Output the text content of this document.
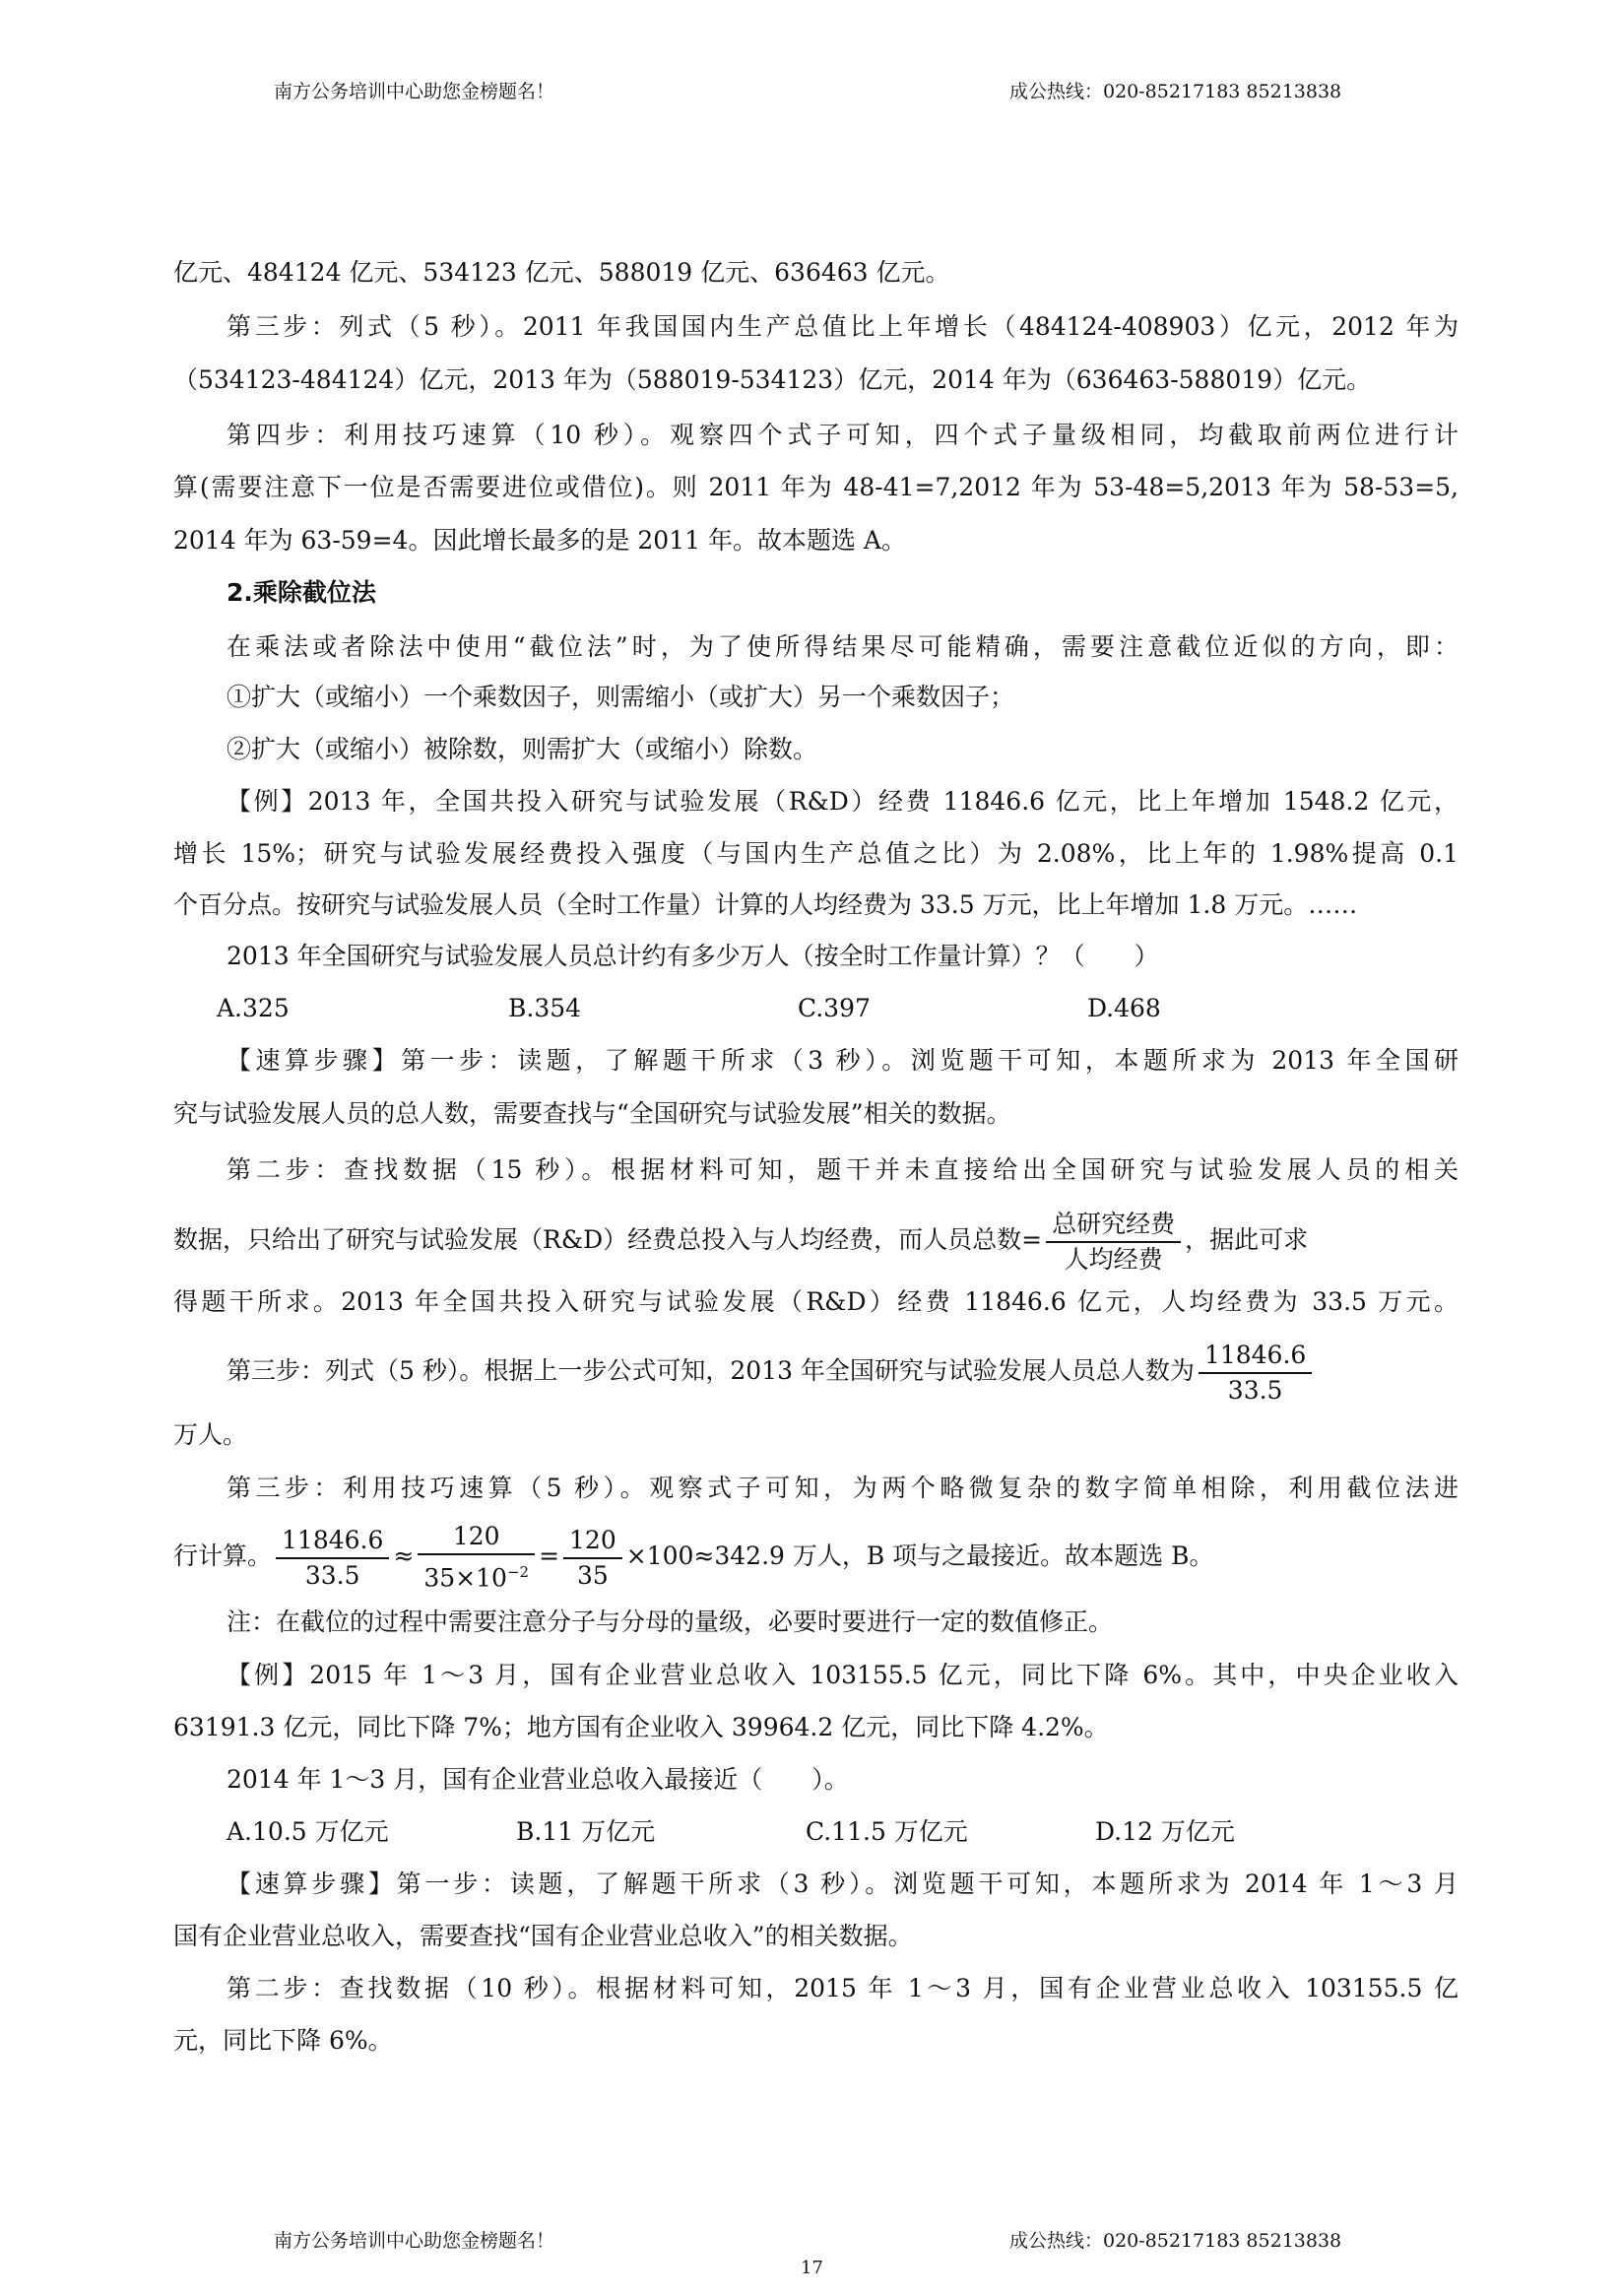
南方公务培训中心助您金榜题名！	成公热线：020-85217183 85213838
亿元、484124 亿元、534123 亿元、588019 亿元、636463 亿元。
第三步：列式（5 秒）。2011 年我国国内生产总值比上年增长（484124-408903）亿元，2012 年为
（534123-484124）亿元，2013 年为（588019-534123）亿元，2014 年为（636463-588019）亿元。
第四步：利用技巧速算（10 秒）。观察四个式子可知，四个式子量级相同，均截取前两位进行计
算(需要注意下一位是否需要进位或借位)。则 2011 年为 48-41=7,2012 年为 53-48=5,2013 年为 58-53=5,
2014 年为 63-59=4。因此增长最多的是 2011 年。故本题选 A。
2.乘除截位法
在乘法或者除法中使用“截位法”时，为了使所得结果尽可能精确，需要注意截位近似的方向，即：
①扩大（或缩小）一个乘数因子，则需缩小（或扩大）另一个乘数因子；
②扩大（或缩小）被除数，则需扩大（或缩小）除数。
【例】2013 年，全国共投入研究与试验发展（R&D）经费 11846.6 亿元，比上年增加 1548.2 亿元，
增长 15%；研究与试验发展经费投入强度（与国内生产总值之比）为 2.08%，比上年的 1.98%提高 0.1
个百分点。按研究与试验发展人员（全时工作量）计算的人均经费为 33.5 万元，比上年增加 1.8 万元。……
2013 年全国研究与试验发展人员总计约有多少万人（按全时工作量计算）？（　　）
A.325	B.354	C.397	D.468
【速算步骤】第一步：读题，了解题干所求（3 秒）。浏览题干可知，本题所求为 2013 年全国研
究与试验发展人员的总人数，需要查找与“全国研究与试验发展”相关的数据。
第二步：查找数据（15 秒）。根据材料可知，题干并未直接给出全国研究与试验发展人员的相关
数据，只给出了研究与试验发展（R&D）经费总投入与人均经费，而人员总数= $\frac{\text{总研究经费}}{\text{人均经费}}$ ，据此可求
得题干所求。2013 年全国共投入研究与试验发展（R&D）经费 11846.6 亿元，人均经费为 33.5 万元。
第三步：列式（5 秒）。根据上一步公式可知，2013 年全国研究与试验发展人员总人数为 $\frac{11846.6}{33.5}$
万人。
第三步：利用技巧速算（5 秒）。观察式子可知，为两个略微复杂的数字简单相除，利用截位法进
行计算。 $\frac{11846.6}{33.5} \approx \frac{120}{35\times 10^{-2}} = \frac{120}{35} \times 100\approx 342.9$ 万人，B 项与之最接近。故本题选 B。
注：在截位的过程中需要注意分子与分母的量级，必要时要进行一定的数值修正。
【例】2015 年 1～3 月，国有企业营业总收入 103155.5 亿元，同比下降 6%。其中，中央企业收入
63191.3 亿元，同比下降 7%；地方国有企业收入 39964.2 亿元，同比下降 4.2%。
2014 年 1～3 月，国有企业营业总收入最接近（　　）。
A.10.5 万亿元	B.11 万亿元	C.11.5 万亿元	D.12 万亿元
【速算步骤】第一步：读题，了解题干所求（3 秒）。浏览题干可知，本题所求为 2014 年 1～3 月
国有企业营业总收入，需要查找“国有企业营业总收入”的相关数据。
第二步：查找数据（10 秒）。根据材料可知，2015 年 1～3 月，国有企业营业总收入 103155.5 亿
元，同比下降 6%。
南方公务培训中心助您金榜题名！	成公热线：020-85217183 85213838
17
